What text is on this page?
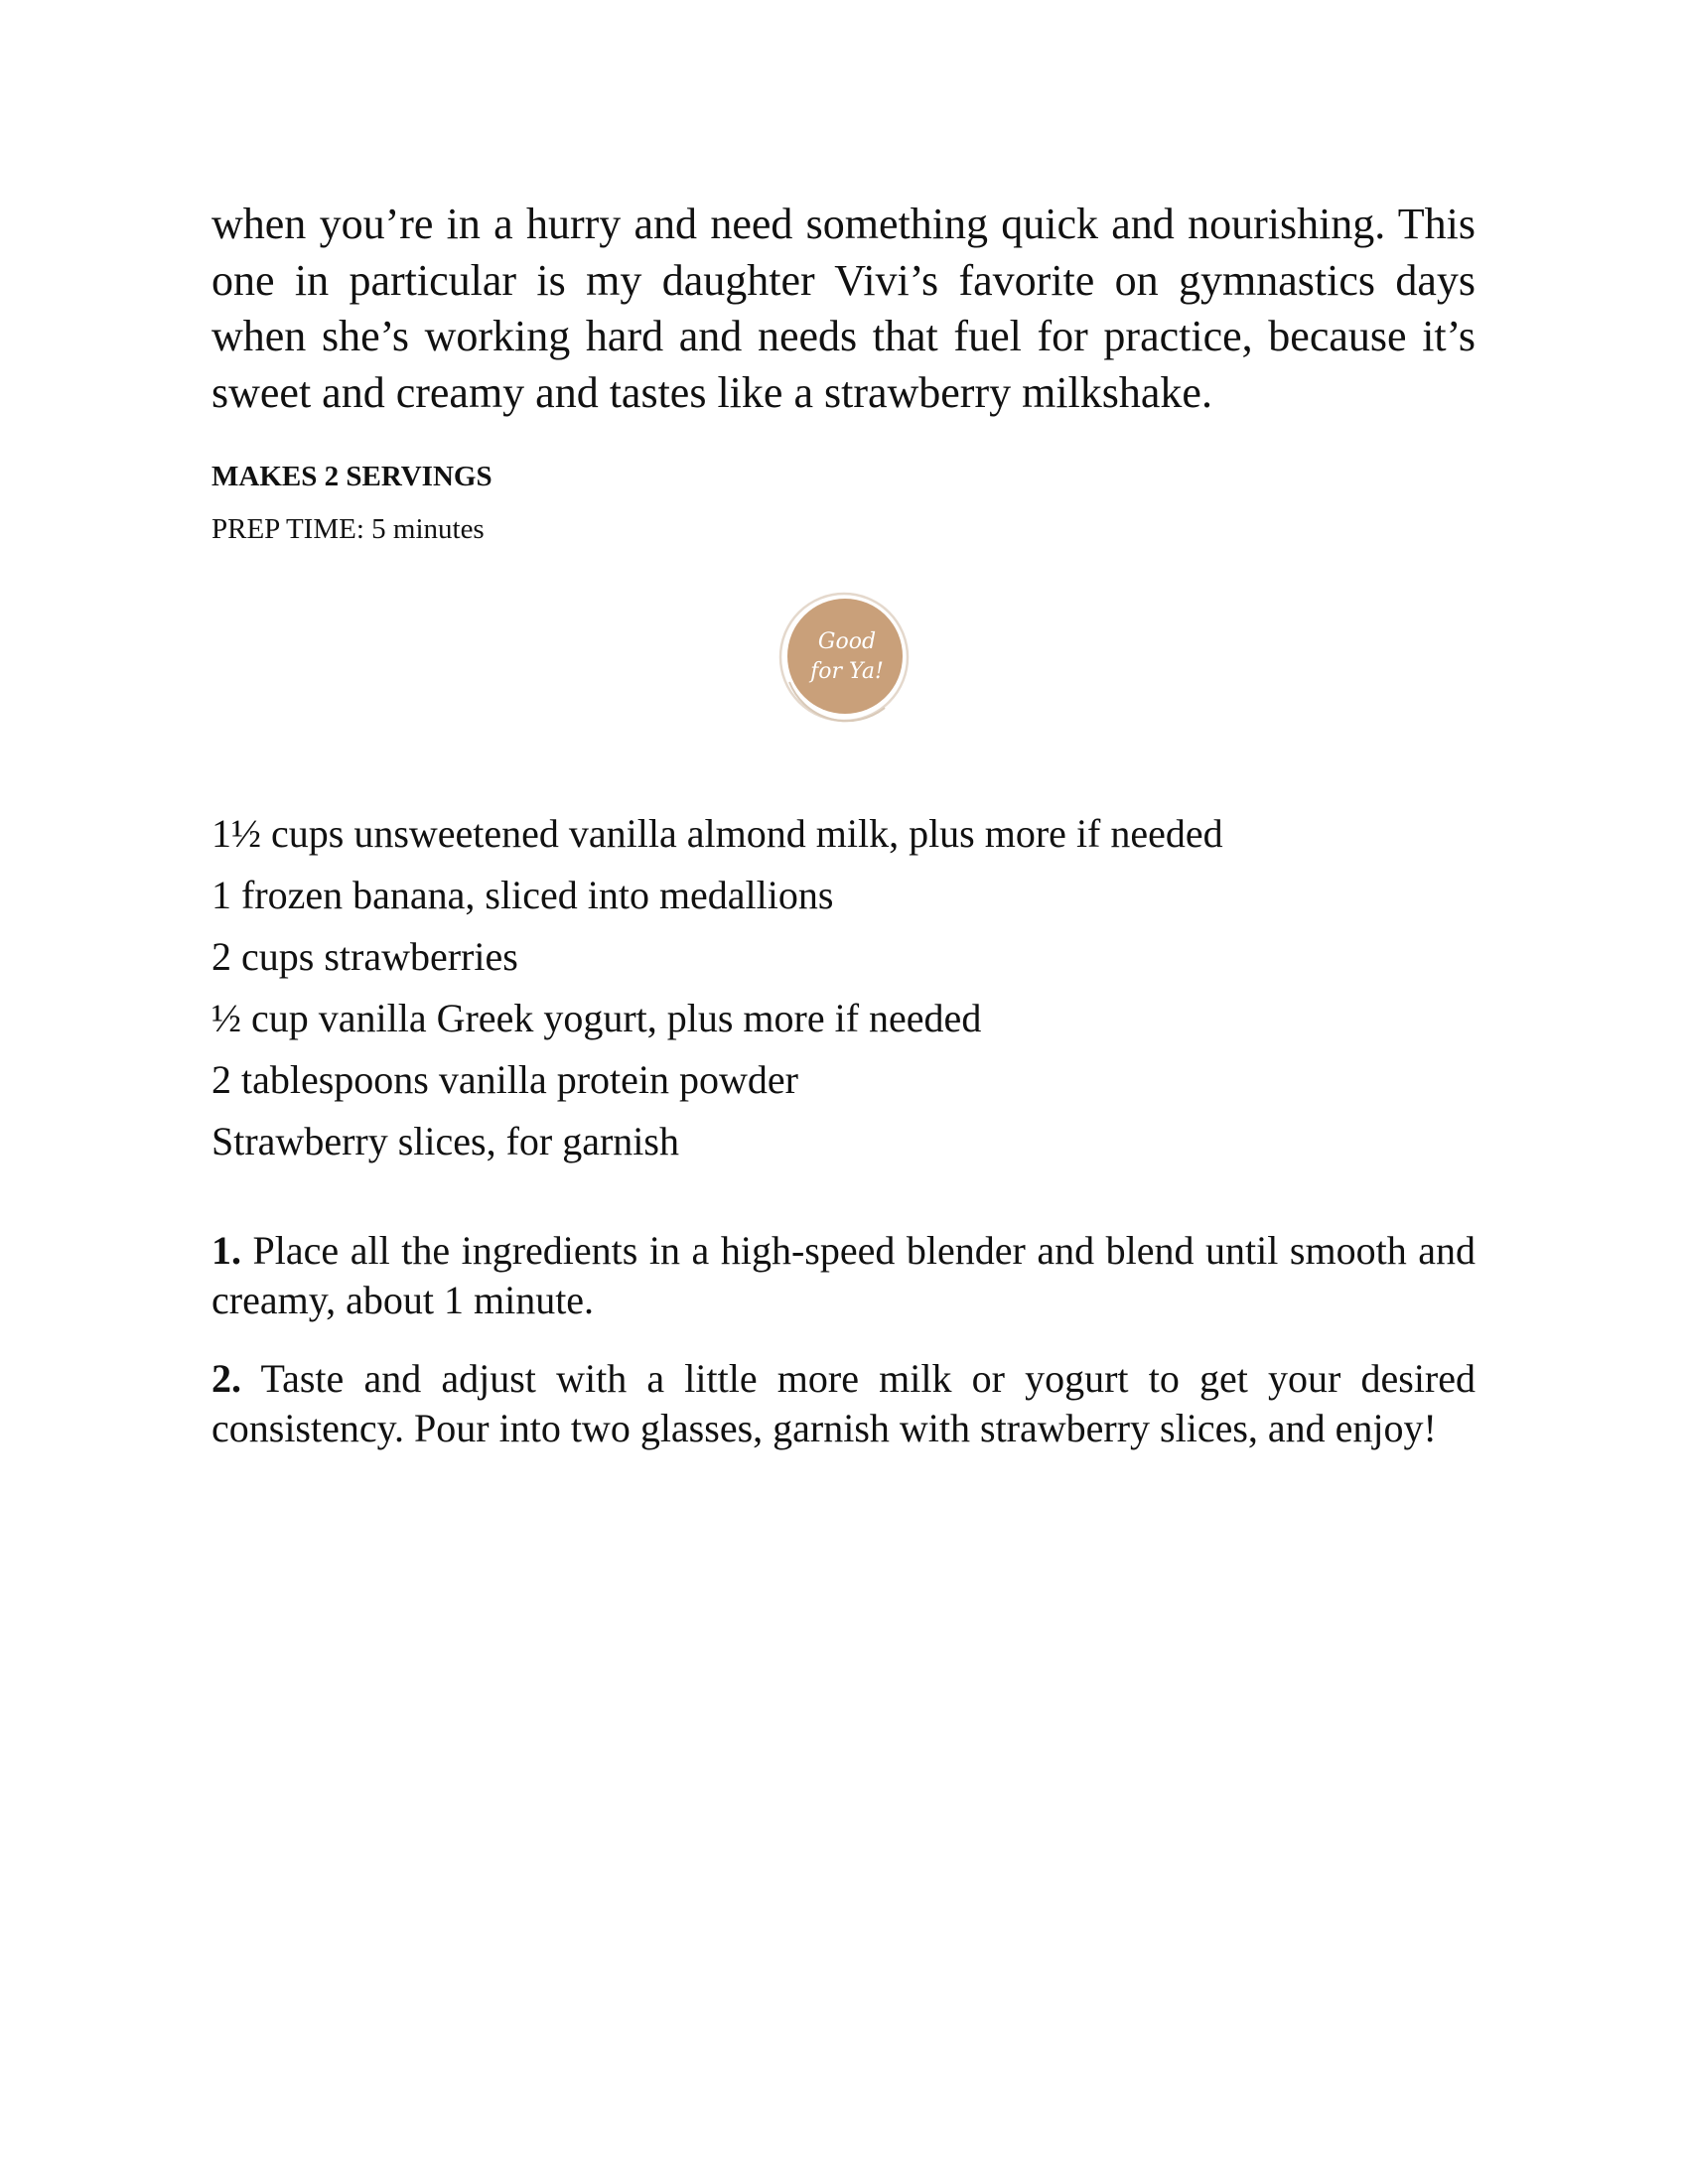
when you’re in a hurry and need something quick and nourishing. This one in particular is my daughter Vivi’s favorite on gymnastics days when she’s working hard and needs that fuel for practice, because it’s sweet and creamy and tastes like a strawberry milkshake.

MAKES 2 SERVINGS

PREP TIME: 5 minutes

Good
for Ya!
1½ cups unsweetened vanilla almond milk, plus more if needed
1 frozen banana, sliced into medallions
2 cups strawberries
½ cup vanilla Greek yogurt, plus more if needed
2 tablespoons vanilla protein powder
Strawberry slices, for garnish

1. Place all the ingredients in a high-speed blender and blend until smooth and creamy, about 1 minute.

2. Taste and adjust with a little more milk or yogurt to get your desired consistency. Pour into two glasses, garnish with strawberry slices, and enjoy!
